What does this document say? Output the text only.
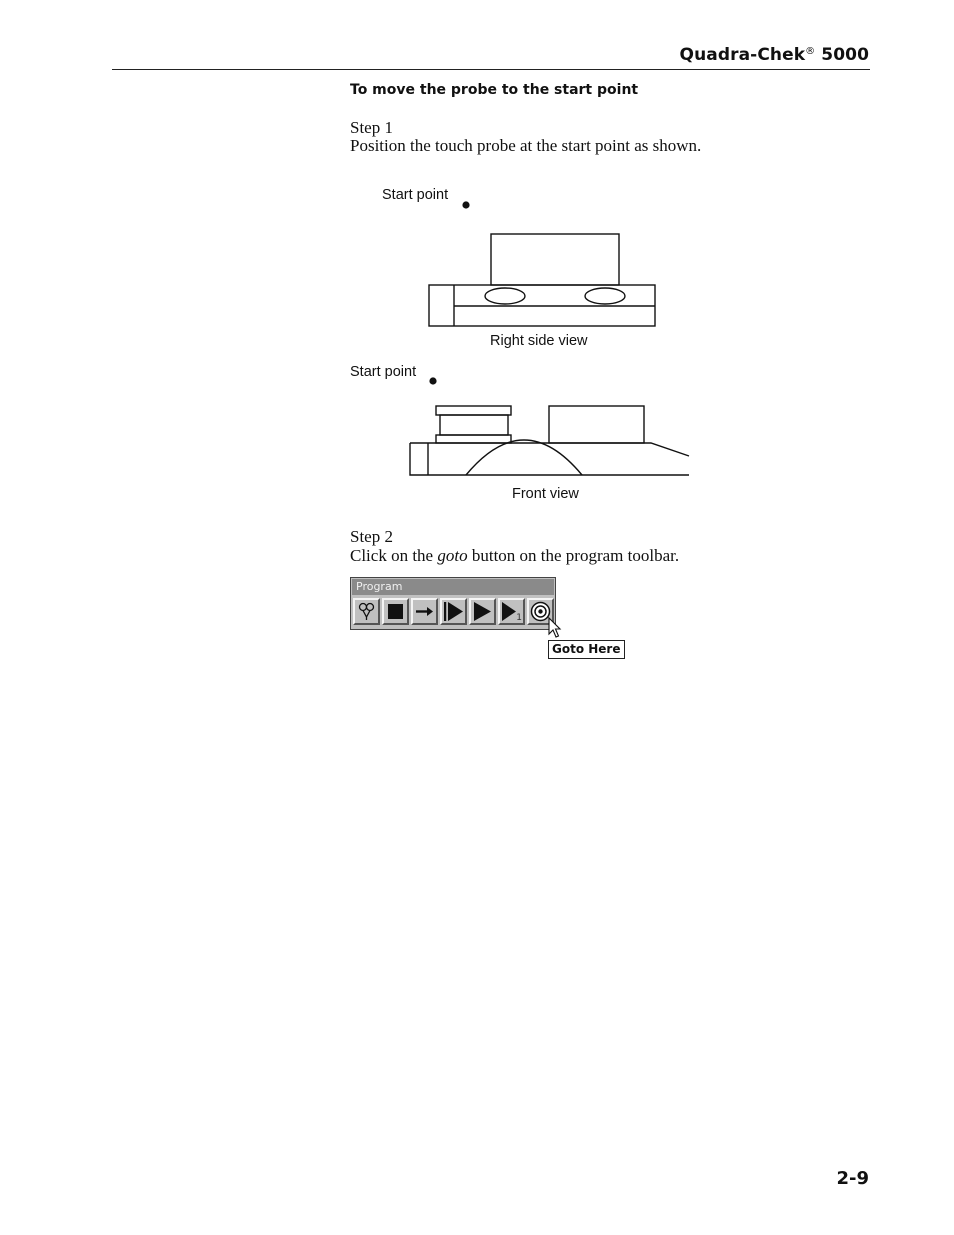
Quadra-Chek® 5000
To move the probe to the start point
Step 1
Position the touch probe at the start point as shown.
Start point
Right side view
Start point
Front view
Step 2
Click on the goto button on the program toolbar.
Program
1
Goto Here
2-9
